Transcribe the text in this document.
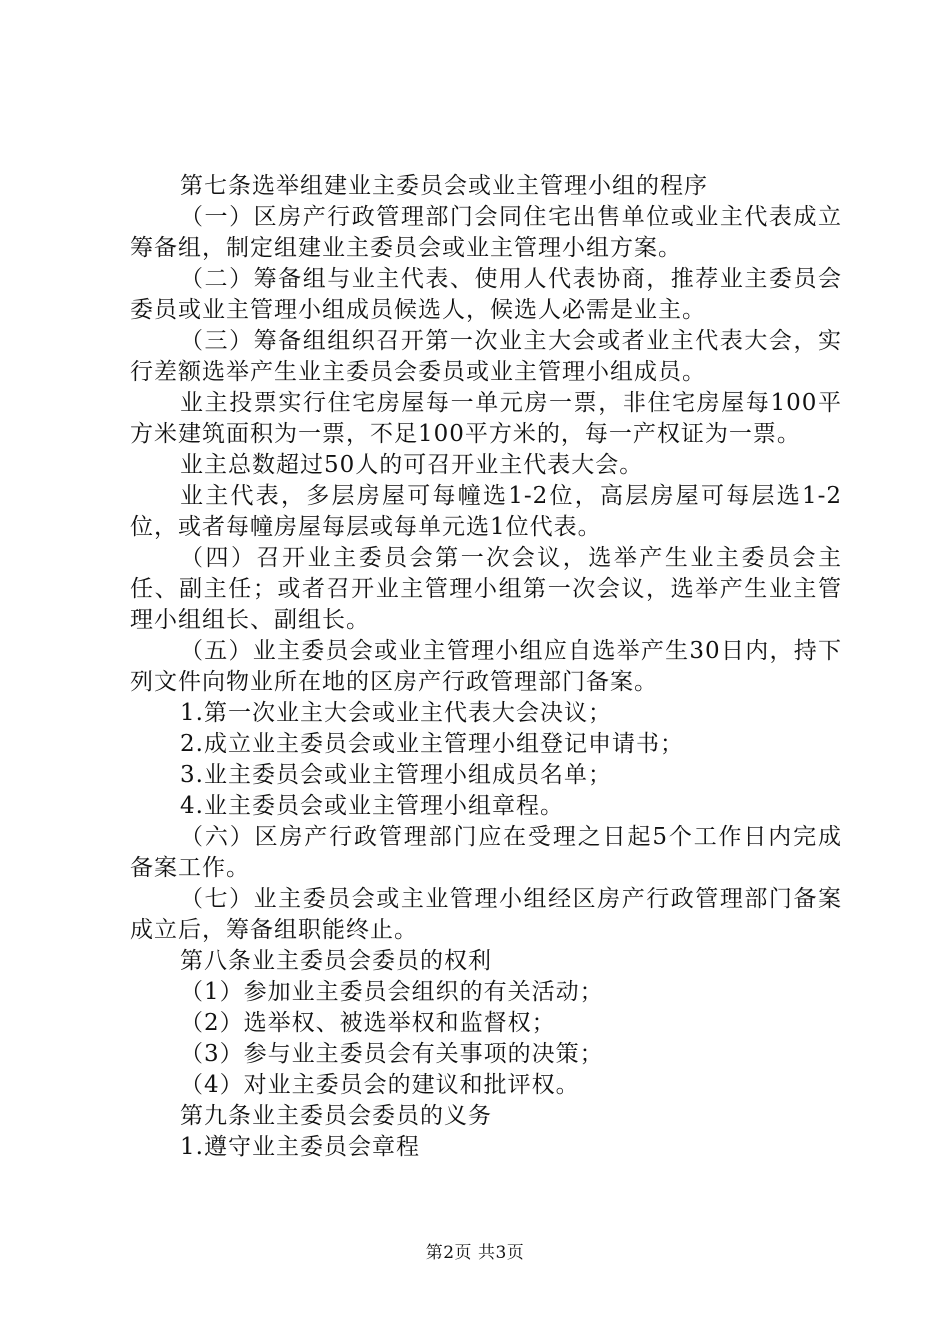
第七条选举组建业主委员会或业主管理小组的程序

（一）区房产行政管理部门会同住宅出售单位或业主代表成立筹备组，制定组建业主委员会或业主管理小组方案。

（二）筹备组与业主代表、使用人代表协商，推荐业主委员会委员或业主管理小组成员候选人，候选人必需是业主。

（三）筹备组组织召开第一次业主大会或者业主代表大会，实行差额选举产生业主委员会委员或业主管理小组成员。

业主投票实行住宅房屋每一单元房一票，非住宅房屋每100平方米建筑面积为一票，不足100平方米的，每一产权证为一票。

业主总数超过50人的可召开业主代表大会。

业主代表，多层房屋可每幢选1-2位，高层房屋可每层选1-2位，或者每幢房屋每层或每单元选1位代表。

（四）召开业主委员会第一次会议，选举产生业主委员会主任、副主任；或者召开业主管理小组第一次会议，选举产生业主管理小组组长、副组长。

（五）业主委员会或业主管理小组应自选举产生30日内，持下列文件向物业所在地的区房产行政管理部门备案。

1.第一次业主大会或业主代表大会决议；

2.成立业主委员会或业主管理小组登记申请书；

3.业主委员会或业主管理小组成员名单；

4.业主委员会或业主管理小组章程。

（六）区房产行政管理部门应在受理之日起5个工作日内完成备案工作。

（七）业主委员会或主业管理小组经区房产行政管理部门备案成立后，筹备组职能终止。

第八条业主委员会委员的权利

（1）参加业主委员会组织的有关活动；

（2）选举权、被选举权和监督权；

（3）参与业主委员会有关事项的决策；

（4）对业主委员会的建议和批评权。

第九条业主委员会委员的义务

1.遵守业主委员会章程

第2页 共3页
